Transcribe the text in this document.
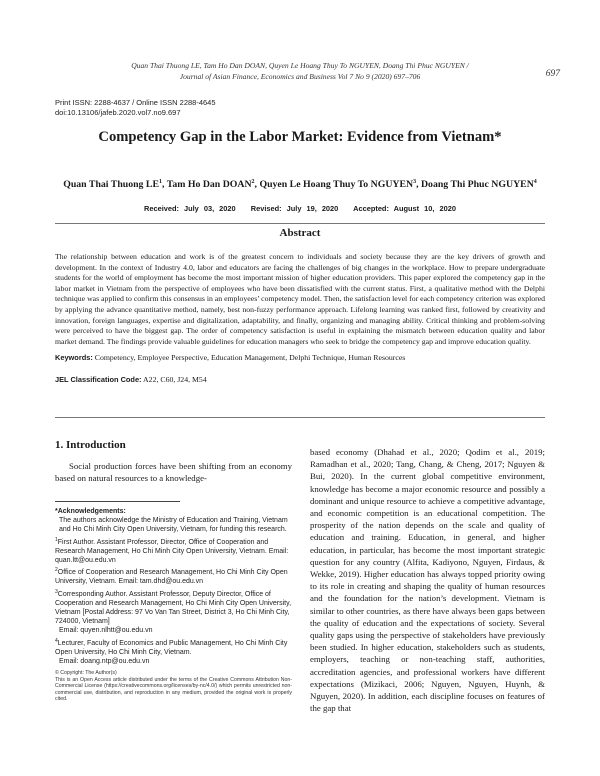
Quan Thai Thuong LE, Tam Ho Dan DOAN, Quyen Le Hoang Thuy To NGUYEN, Doang Thi Phuc NGUYEN /
Journal of Asian Finance, Economics and Business Vol 7 No 9 (2020) 697–706	697
Print ISSN: 2288-4637 / Online ISSN 2288-4645
doi:10.13106/jafeb.2020.vol7.no9.697
Competency Gap in the Labor Market: Evidence from Vietnam*
Quan Thai Thuong $LE^1$, Tam Ho Dan DOAN$^2$, Quyen Le Hoang Thuy To NGUYEN$^3$, Doang Thi Phuc NGUYEN$^4$
Received: July 03, 2020 Revised: July 19, 2020 Accepted: August 10, 2020
Abstract
The relationship between education and work is of the greatest concern to individuals and society because they are the key drivers of growth and development. In the context of Industry 4.0, labor and educators are facing the challenges of big changes in the workplace. How to prepare undergraduate students for the world of employment has become the most important mission of higher education providers. This paper explored the competency gap in the labor market in Vietnam from the perspective of employees who have been dissatisfied with the current status. First, a qualitative method with the Delphi technique was applied to confirm this consensus in an employees’ competency model. Then, the satisfaction level for each competency criterion was explored by applying the advance quantitative method, namely, best non-fuzzy performance approach. Lifelong learning was ranked first, followed by creativity and innovation, foreign languages, expertise and digitalization, adaptability, and finally, organizing and managing ability. Critical thinking and problem-solving were perceived to have the biggest gap. The order of competency satisfaction is useful in explaining the mismatch between education quality and labor market demand. The findings provide valuable guidelines for education managers who seek to bridge the competency gap and improve education quality.
Keywords: Competency, Employee Perspective, Education Management, Delphi Technique, Human Resources
JEL Classification Code: A22, C60, J24, M54
1. Introduction
Social production forces have been shifting from an economy based on natural resources to a knowledge-
*Acknowledgements:
The authors acknowledge the Ministry of Education and Training, Vietnam and Ho Chi Minh City Open University, Vietnam, for funding this research.
$^1$First Author. Assistant Professor, Director, Office of Cooperation and Research Management, Ho Chi Minh City Open University, Vietnam. Email: quan.ltt@ou.edu.vn
$^2$Office of Cooperation and Research Management, Ho Chi Minh City Open University, Vietnam. Email: tam.dhd@ou.edu.vn
$^3$Corresponding Author. Assistant Professor, Deputy Director, Office of Cooperation and Research Management, Ho Chi Minh City Open University, Vietnam [Postal Address: 97 Vo Van Tan Street, District 3, Ho Chi Minh City, 724000, Vietnam]
Email: quyen.nlhtt@ou.edu.vn
$^4$Lecturer, Faculty of Economics and Public Management, Ho Chi Minh City Open University, Ho Chi Minh City, Vietnam.
Email: doang.ntp@ou.edu.vn
© Copyright: The Author(s)
This is an Open Access article distributed under the terms of the Creative Commons Attribution Non-Commercial License (https://creativecommons.org/licenses/by-nc/4.0/) which permits unrestricted non-commercial use, distribution, and reproduction in any medium, provided the original work is properly cited.
based economy (Dhahad et al., 2020; Qodim et al., 2019; Ramadhan et al., 2020; Tang, Chang, & Cheng, 2017; Nguyen & Bui, 2020). In the current global competitive environment, knowledge has become a major economic resource and possibly a dominant and unique resource to achieve a competitive advantage, and economic competition is an educational competition. The prosperity of the nation depends on the scale and quality of education and training. Education, in general, and higher education, in particular, has become the most important strategic question for any country (Alfita, Kadiyono, Nguyen, Firdaus, & Wekke, 2019). Higher education has always topped priority owing to its role in creating and shaping the quality of human resources and the foundation for the nation’s development. Vietnam is similar to other countries, as there have always been gaps between the quality of education and the expectations of society. Several quality gaps using the perspective of stakeholders have previously been studied. In higher education, stakeholders such as students, employers, teaching or non-teaching staff, authorities, accreditation agencies, and professional workers have different expectations (Mizikaci, 2006; Nguyen, Nguyen, Huynh, & Nguyen, 2020). In addition, each discipline focuses on features of the gap that
